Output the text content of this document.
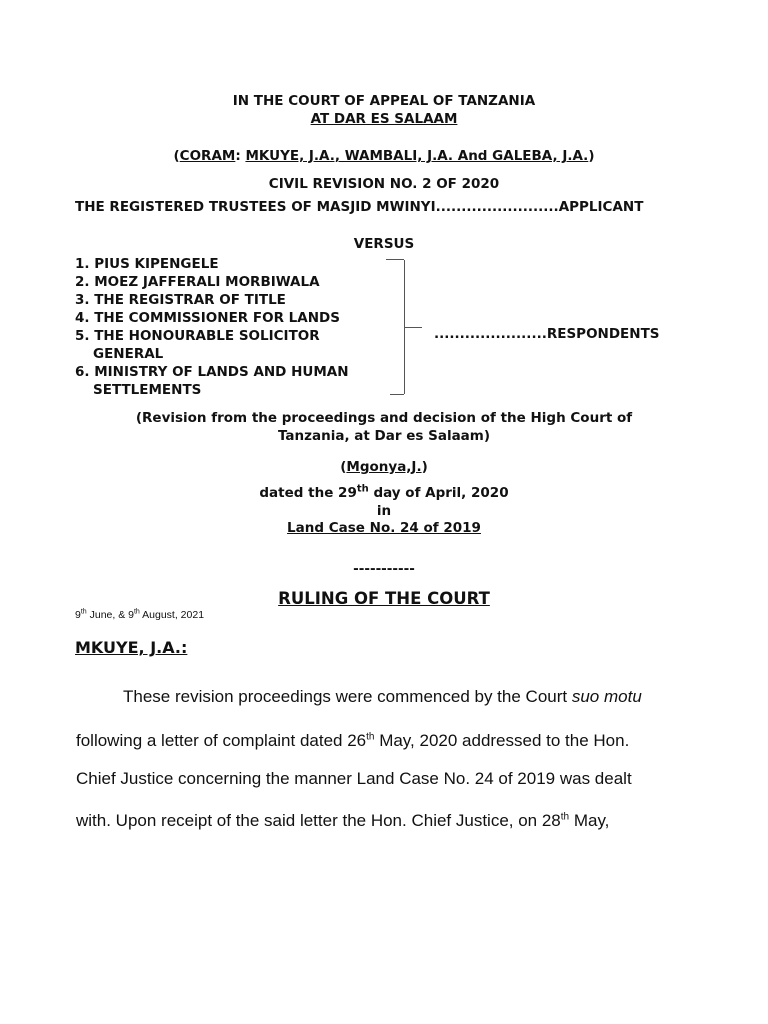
IN THE COURT OF APPEAL OF TANZANIA
AT DAR ES SALAAM
(CORAM: MKUYE, J.A., WAMBALI, J.A. And GALEBA, J.A.)
CIVIL REVISION NO. 2 OF 2020
THE REGISTERED TRUSTEES OF MASJID MWINYI........................APPLICANT
VERSUS
1. PIUS KIPENGELE
2. MOEZ JAFFERALI MORBIWALA
3. THE REGISTRAR OF TITLE
4. THE COMMISSIONER FOR LANDS
5. THE HONOURABLE SOLICITOR
GENERAL
6. MINISTRY OF LANDS AND HUMAN
SETTLEMENTS
......................RESPONDENTS
(Revision from the proceedings and decision of the High Court of
Tanzania, at Dar es Salaam)
(Mgonya,J.)
dated the 29th day of April, 2020
in
Land Case No. 24 of 2019
-----------
RULING OF THE COURT
9th June, & 9th August, 2021
MKUYE, J.A.:
These revision proceedings were commenced by the Court suo motu
following a letter of complaint dated 26th May, 2020 addressed to the Hon.
Chief Justice concerning the manner Land Case No. 24 of 2019 was dealt
with. Upon receipt of the said letter the Hon. Chief Justice, on 28th May,
